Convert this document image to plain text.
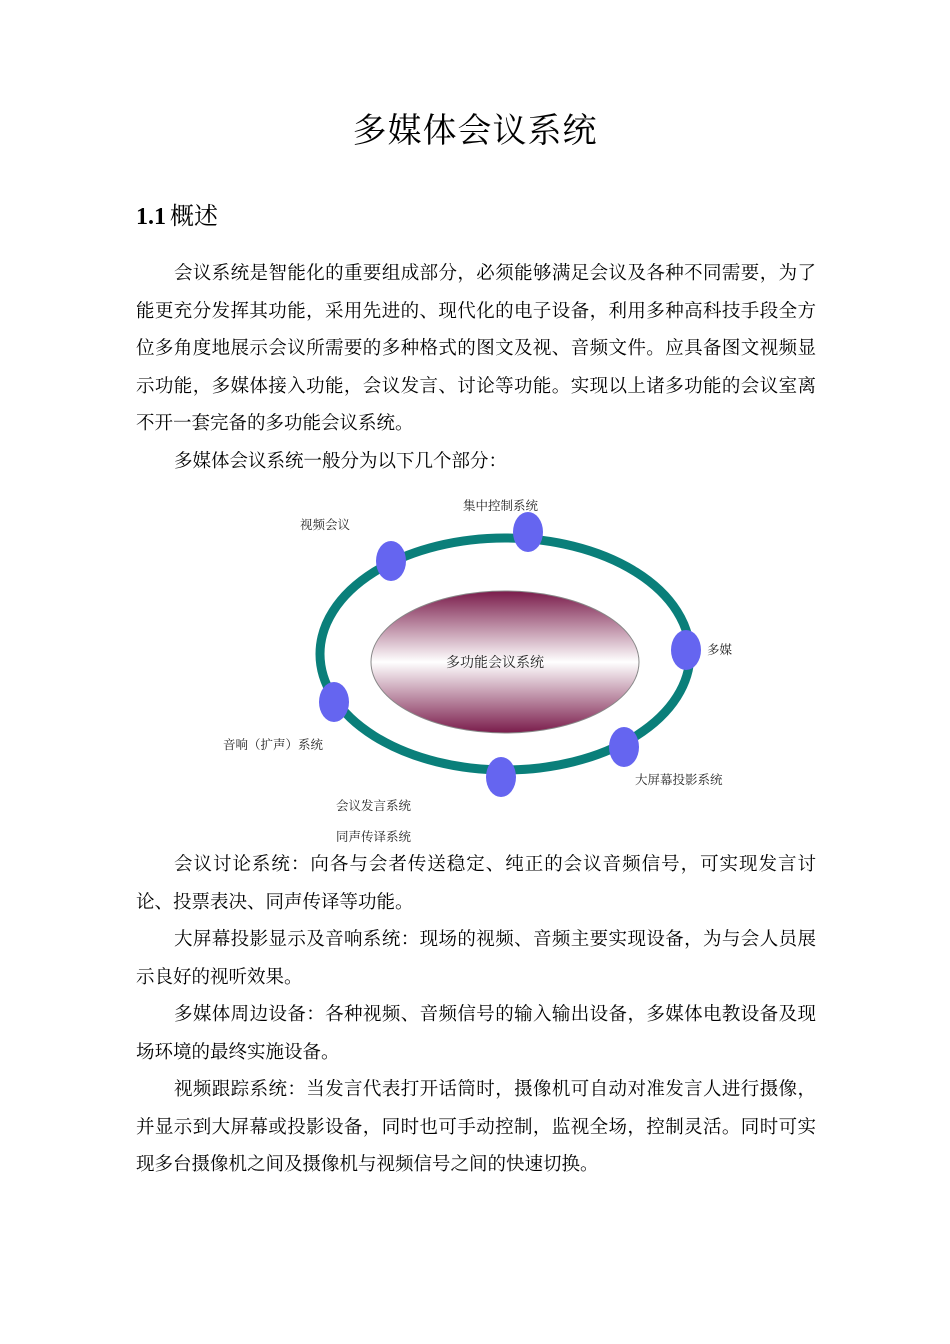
多媒体会议系统
1.1 概述

会议系统是智能化的重要组成部分，必须能够满足会议及各种不同需要，为了能更充分发挥其功能，采用先进的、现代化的电子设备，利用多种高科技手段全方位多角度地展示会议所需要的多种格式的图文及视、音频文件。应具备图文视频显示功能，多媒体接入功能，会议发言、讨论等功能。实现以上诸多功能的会议室离不开一套完备的多功能会议系统。

多媒体会议系统一般分为以下几个部分：

多功能会议系统
视频会议
集中控制系统
多媒
大屏幕投影系统
会议发言系统
同声传译系统
音响（扩声）系统

会议讨论系统：向各与会者传送稳定、纯正的会议音频信号，可实现发言讨论、投票表决、同声传译等功能。

大屏幕投影显示及音响系统：现场的视频、音频主要实现设备，为与会人员展示良好的视听效果。

多媒体周边设备：各种视频、音频信号的输入输出设备，多媒体电教设备及现场环境的最终实施设备。

视频跟踪系统：当发言代表打开话筒时，摄像机可自动对准发言人进行摄像，并显示到大屏幕或投影设备，同时也可手动控制，监视全场，控制灵活。同时可实现多台摄像机之间及摄像机与视频信号之间的快速切换。
